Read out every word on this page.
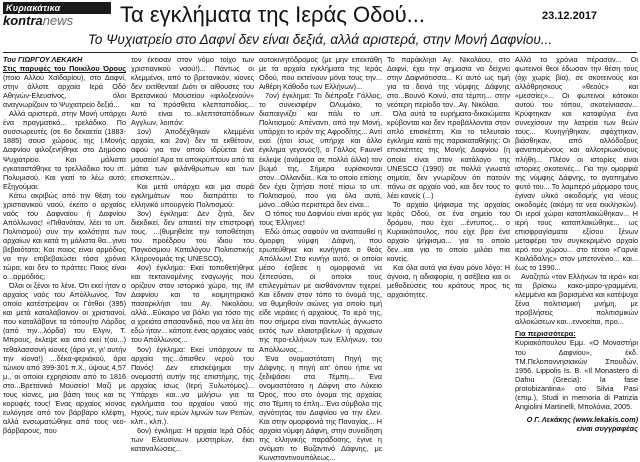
Κυριακάτικα
kontranews	Τα εγκλήματα της Ιεράς Οδού...	23.12.2017
Το Ψυχιατρείο στο Δαφνί δεν είναι δεξιά, αλλά αριστερά, στην Μονή Δαφνίου...

Του ΓΙΩΡΓΟΥ ΛΕΚΑΚΗ

Στις παρυφές του Ποικίλου Όρους (ποιο Αλλού Χαϊδαρίου), στο Δαφνί, στην άλλοτε αρχαία Ιερά Οδό Αθηνών-Ελευσίνος, όλοι αναγνωρίζουν το Ψυχιατρείο δεξιά...

Αλλά αριστερά, στην Μονή υπάρχει ένα πραγματικό... τρελάδικο. Πο συσσωρευτές (σε 6ο δεκαετία (1883-1885) σουσ χώρους της Ι.Μονής Δαφνίου φιλοξενήθηκε στο Δημόσιο Ψυχιατρείο. Και μάλιστα εγκαταστάθηκε το τρελλάδικο του ιπ. Πολυμισού. Και γιατί το λέω αυτό; Εξηγούμαι:

Κάτω ακριβώς από την θέση του χριστιανικού ναού, έκειτο ο αρχαίος ναός του Δαφναίου ή Δαφνίου Απόλλωνος! «Πιθανόταν, λέει το υπ. Πολιτισμού) συν την κοιλότητα των αρχαίων και κατά τη μάλιστα θα...γινει βεβαιότατα; Και ποιος είναι αρμόδιος να την επιβεβαιώσει τόσα χρόνια τώρα, και δεν το πράττει; Ποιος είναι ο...αρμόδιος;

Όλοι οι ξένοι το λένε. Ότι εκεί ήταν ο αρχαίος ναός του Απόλλωνος. Τον οποίο κατέστρεψαν οι Γότθοι (395) και μετά καταλάβαινον οι χριστιανοί, που καταλάβανε τα τόπου(το Λάρδος (από την...λόρδα) του Ελγιν, Τ. Μπρους, έκλεψε και από εκεί τ(ου...) τεθαλασσανή κίονες (άρα γε, γι' αυτήν την κίονα!) ...δέκα-φεριάκού, άρα τώνιον από 399-301 π.Χ., ύψους 4,57 μ., οι οποίοι εχρησίσαν από το 1816 στο...Βρετανικό Μουσείο! Μαζί με τους κίονες, μια βάση τους και τις κορυφές τους! Ένας αρχαίος κίονας ευλόγησε από τον βάρβαρο κλέφτη, αλλά ενσωματώθηκε από τους νεο-βάρβαρους, που

τον έκτισαν στον νόμο τοίχο των χριστιανικού ναού!)... Πάντως οι κλεμμένοι, από το βρετανικόν, κίονες δεν εκτίθενται! Διότι οι αίθουσες του Βρετανικού Μουσείου «φιλοξενούν» και τα πρόσθετα κλεπταποδίας... Αυτό είναι το...κλεπτοταπόδικων Αγγλων, λοιπόν:

1ον) Αποδέχθηκαν κλεμμένα αρχαία, και 2ον) δεν τα εκθέτουν, αφού για τον οποίο ιδρύεται ένα μουσείο! Άρα τα αποκρύπτουν από τα μάτια των φιλάνθρωπων και των επισκεπτών...

Και μετά υπάρχει και μια σειρά εγκλημάτων που διαπράττει το ελληνικό υπουργείο Πολιτισμού:

3ον) έγκλημα: Δεν ζητά, δεν διεκδικεί, δεν απαιτεί την επιστροφή τους. ...(θυμηθείτε την τοποθέτηση του προέδρου του ίδιου του Παγκόσμιου Καταλόγου Πολιτιστικής Κληρονομιάς της UNESCO),

4ον) έγκλημα: Εκεί τοποθετήθηκε και τεκταινομένης εναγωγής που ορίζουν στον ιστορικό χώρο, της ΙΜ Δαφνίου και το κοιμητηριακό πασαρκλήσι του Αγ. Νικολάου, αλλά...Εύκαιρο να βάλει για τόσο της α χρειάτα σπασανδικό, που να λέει ότι εδώ ήταν... κάποτε ένας αρχαίος ναός του Απόλλωνος...

5ον) έγκλημα: Εκεί υπάρχουν τα αρχαία της...όπισθεν νερού του Πανός! Δεν επισκέψημαι την ονομαστή αυτήν της επιστήμης, της αρχαίας ίσως (Ιερή Ξυλωτόμος)... Υπάρχει και...να μιλήσω για τα εγκλήματα του αρχαίου ναού της Ηχούς, των ιερών λιμνών των Ρειτών, κλπ., κλπ.).

6ον) έγκλημα: Η αρχαία Ιερά Οδός των Ελευσίνιων μυστηρίων, έκει καταναλώσεις...

αυτοκινητόδρομος (με μην επεκτάθη με τα αρχαία εγκλήματα της Ιεράς Οδού, που εκτείνουν μόνα τους την... Αιθέρη Κάθοδο των Ελλήνων)...

7ον) έγκλημα: Το διέπραξε Γάλλος, το συνεισφέρν ΟΛυμάκο, το διαπαιγνίζει και πάλι το υπ. Πολιτισμού: Απέναντι, από την Μονή, υπάρχει το ιερόν της Αφροδίτης... Αντί εκεί (ήτοι ίσως υπήρχε και άλλο έγκλημα γεγονός!), ο Γάλλος Fauvel έκλεψε (ανάμεσα σε πολλά άλλα) τον βωμό της. Σήμερα ευρίσκονται στον...Ολλανδία.. Και το οποίο επίσης δεν έχει ζητήσει ποτέ πίσω το υπ. Πολιτισμού, που για όλα αυτά, μόνο...αθώα περιστερά δεν είναι...

Ο τόπος του Δαφνίου είναι ιερός για τους Έλληνες!

Εδώ όπως σαφούν να αναπαυθεί η όμορφη νύμφη Δάφνη, που ερωτεύθηκε και κυνήγησε ο θεός Απόλλων! Στο κυνήγι αυτό, οι οποίοι μέσο έσβεσε η ομορφονιά να ξεπεσύσει, οι οποίοι τους επιλεγμάτων με αισθάνονταν τιχερεί. Και έδιναν στον τόπο το όνομά της, να θυμηθούν αιώνες για οποίο τιμή είδε νεράιες ή αρχαίους. Το ιερό της, που σήμερα είναι παντελώς άγνωστο εκτός των ελαιοτριβείων ή αρχαίων της προ-ελλήνων των Ελλήνων, του Απόλλωνος...

Ένα ονομαστότατη Πηγή της Δάφνης, η πηγή απ' όπου ήπιε να ξεδιψάσει στα Τέμπη... Ένα ονομαστότατο η Δάφνη στο Λύκειο Όρος, που στο όνομα της αρχαίας στο Τέμπη το έπλη...Ένα σύμβολο της αγνότητας του Δαφνίου να την έλεν. Και στην ομορφονιά της Παναγίας... Η αρχαία νύμφη Δάφνη, στην συνείδηση της ελληνικής παράδοσης, έγινε η ονόματι το Βυζαντινό Δάφνης, με Κωνσταντινουπόλεως...

Το παράκλησι Αγ. Νικολάου, στο Δαφνί, έχει την σημασία να δείχνει στην Δαφνιότισσα... Κι αυτό ως τιμή για τα δεινά της νύμφης Δάφνης στο...Βουνό Κοινύ, στα τέμπη... στην νεότερη περίοδο τον...Αγ. Νικόλαο.

Όλα αυτά τα ευρήματα-δικαιώματα κρύβονται και δεν προβάλλονται στον απλό επισκέπτη. Και το τελευταίο έγκλημα κατά της παρακαταθήκης: Οι επισκέπτες της Μονής Δαφνίου (η οποία είναι στον κατάλογο της UNESCO (1990) σε πολλά γνωστά σημεία, δεν γνωρίζουν ότι πατούν πάνω σε αρχαίο ναό, και δεν τους το λέει κανείς (...)

Το αρχαίο ψήφισμα της αρχαίας Ιεράς Οδού, σε ένα σημείο του δρόμου, που έχει ...έντυπος... ο Κυριακόπουλος, που είχε βρει ένα αρχαίο ψήφισμα... για το οποίο δεν...και για το οποίο μιλάει πια κανείς.

Και όλα αυτά για έναν μόνο λόγο: Η άγνοια, η αδιαφορία, η ασέβεια και οι μεθοδεύσεις του κράτους προς τις αρχαιότητες.

Αλλά τα χρόνια πέρασαν... Οι φωτεινοί θεοί έδωσαν την θέση τους (όχι χωρίς βία), σε σκοτεινούς και αλλόθρησκους «θεούς» και «μεσσίες»... Οι φωτεινοί κάτοικοι αυτού του τόπου, σκοτείνιασαν... Κρύφτηκαν και καταφύγια ένα συνεχίσουν την λατρεία των θεών τους... Κυνηγήθηκαν, σφάχτηκαν, βιάσθηκαν, από αλλόδοξους φανατισμένους και αλλοτριωκόνους πλήθη... Πλέον οι ιστορίες είναι ιστορίες σκοτεινές... Για την ομορφιά της νύμφης Δάφνης, το αγαπημένο φυτό του... Το λαμπερό μάρμαρο τους έγιναν υλικό οικοδομής για νέους οικοδομές (ακόμη τα νεα εκκλησιών). Οι ιεροί χώροι καταπλακώθηκαν... Η ιερή τους καταπλακώθηκε... ως επισφραγίσματα εξίσου ξένων μεταφέρει τον συγκεκριμένο αρχαίο ιερό του χώρου... στο τέτοιο «Γαρνίε Κοιλάδαλης» στον μπετονένιο... και... έως το 1990...

Αναζητώ «τον Ελλήνων τα ιερά» και τα βρίσκω κακο-μαρο-γραμμένα, κλεμμένα και βαρισμένα και κατέψυχα ξένα πολιτισμική μνήμη, με προβλήσεις πολιτισμικών αλλοιώσεων και...εννοείται, προ...

Για περισσότερα:

Κυριακόπουλου Εμμ. «Ο Μοναστήρι του Δαφνίου», έκδ. ΤΜ.Πελοποννησιακών Σπουδών, 1956. Lippolis Is. B. «Il Monastero di Dafnu (Grecia): la fase protobizantina» οτο Silvia Pasi (επιμ.), Studi in memoria di Patrizia Angiolini Martinelli, Μπολόνια, 2005.

Ο Γ. Λεκάκης (www.lekakis.com)

είναι συγγραφέας
